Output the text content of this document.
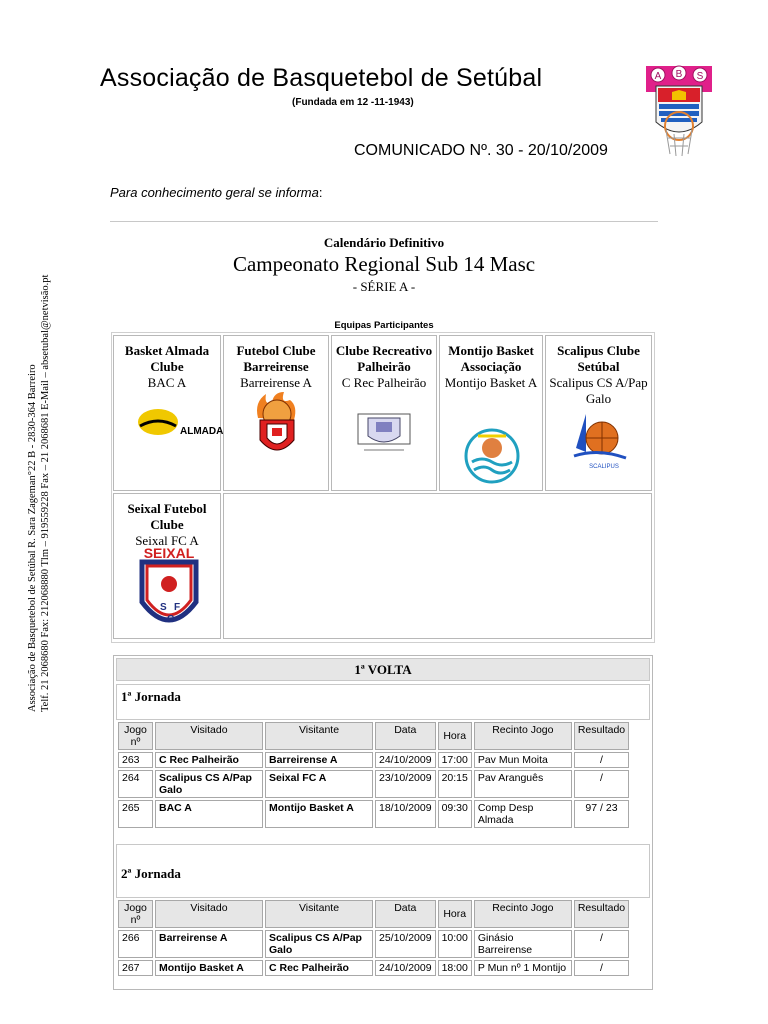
Associação de Basquetebol de Setúbal
(Fundada em 12 -11-1943)
COMUNICADO Nº. 30 - 20/10/2009
Para conhecimento geral se informa:
Associação de Basquetebol de Setúbal R. Sara Zageman°22 B - 2830-364 Barreiro Telf. 21 2068680 Fax: 212068880 Tlm – 919559228 Fax – 21 2068681 E-Mail – absetubal@netvisão.pt
A B S
Calendário Definitivo
Campeonato Regional Sub 14 Masc
- SÉRIE A -
Equipas Participantes
Basket Almada Clube
BAC A
ALMADA
Futebol Clube Barreirense
Barreirense A
Clube Recreativo Palheirão
C Rec Palheirão
Montijo Basket Associação
Montijo Basket A
Scalipus Clube Setúbal
Scalipus CS A/Pap Galo
SCALIPUS
Seixal Futebol Clube
Seixal FC A
SEIXAL
S F
C
1ª VOLTA
1ª Jornada
Jogo nº	Visitado	Visitante	Data	Hora	Recinto Jogo	Resultado
263	C Rec Palheirão	Barreirense A	24/10/2009	17:00	Pav Mun Moita	/
264	Scalipus CS A/Pap Galo	Seixal FC A	23/10/2009	20:15	Pav Aranguês	/
265	BAC A	Montijo Basket A	18/10/2009	09:30	Comp Desp Almada	97 / 23
2ª Jornada
Jogo nº	Visitado	Visitante	Data	Hora	Recinto Jogo	Resultado
266	Barreirense A	Scalipus CS A/Pap Galo	25/10/2009	10:00	Ginásio Barreirense	/
267	Montijo Basket A	C Rec Palheirão	24/10/2009	18:00	P Mun nº 1 Montijo	/
